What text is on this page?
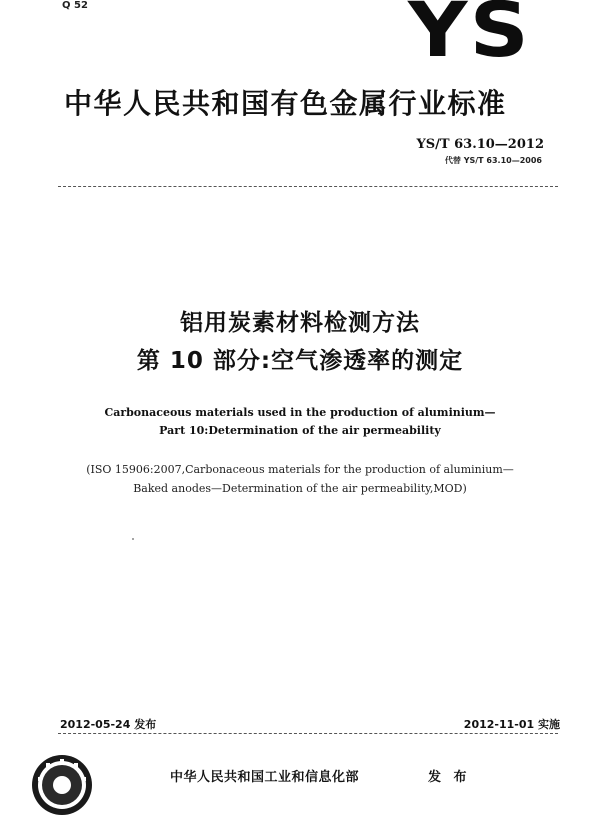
Q 52	YS
中华人民共和国有色金属行业标准
YS/T 63.10—2012
代替 YS/T 63.10—2006
铝用炭素材料检测方法
第 10 部分:空气渗透率的测定
Carbonaceous materials used in the production of aluminium—
Part 10:Determination of the air permeability
(ISO 15906:2007,Carbonaceous materials for the production of aluminium—
Baked anodes—Determination of the air permeability,MOD)
2012-05-24 发布	2012-11-01 实施
中华人民共和国工业和信息化部	发 布
